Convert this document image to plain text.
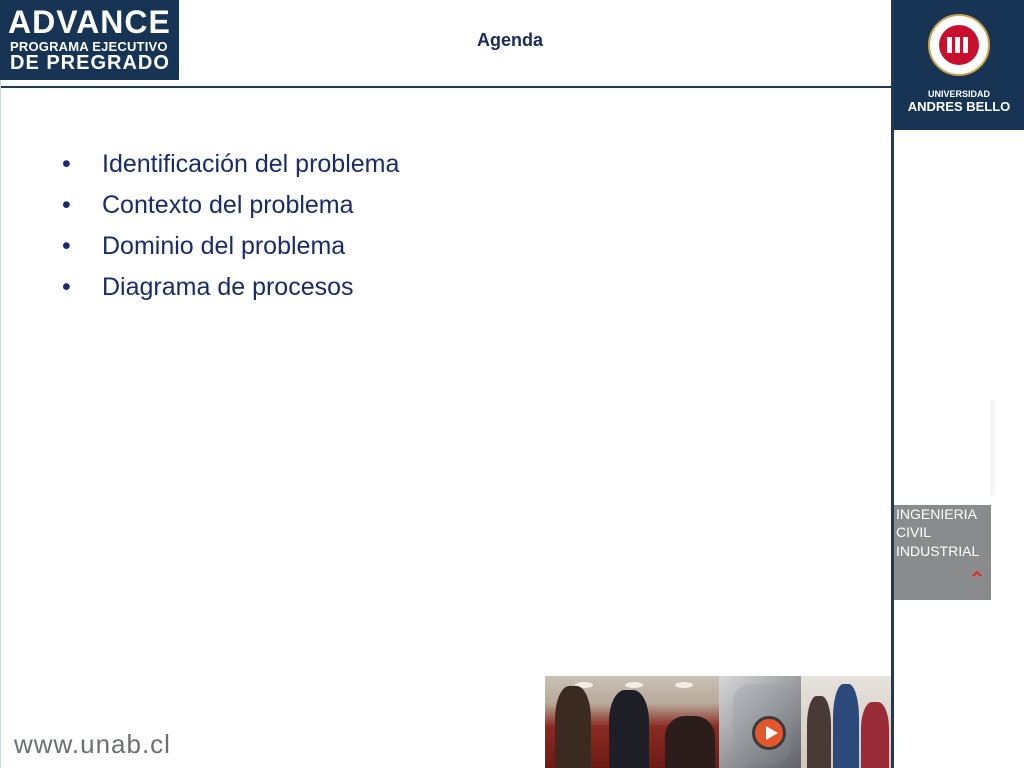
ADVANCE
PROGRAMA EJECUTIVO
DE PREGRADO
Agenda
UNIVERSIDAD
ANDRES BELLO
INGENIERIA
CIVIL
INDUSTRIAL
⌃
•	Identificación del problema
•	Contexto del problema
•	Dominio del problema
•	Diagrama de procesos
www.unab.cl
